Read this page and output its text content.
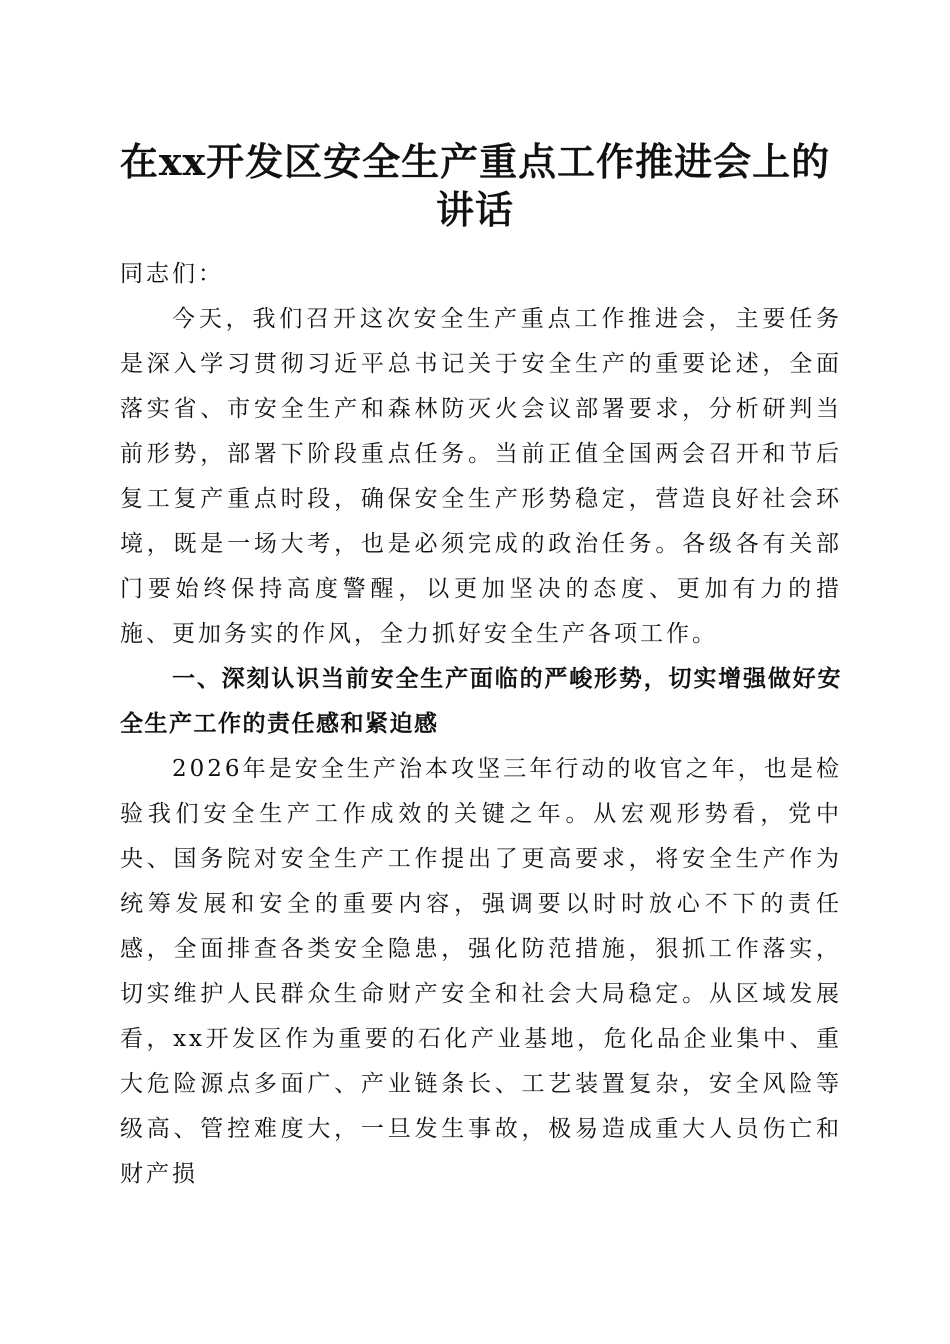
在xx开发区安全生产重点工作推进会上的讲话

同志们：

今天，我们召开这次安全生产重点工作推进会，主要任务是深入学习贯彻习近平总书记关于安全生产的重要论述，全面落实省、市安全生产和森林防灭火会议部署要求，分析研判当前形势，部署下阶段重点任务。当前正值全国两会召开和节后复工复产重点时段，确保安全生产形势稳定，营造良好社会环境，既是一场大考，也是必须完成的政治任务。各级各有关部门要始终保持高度警醒，以更加坚决的态度、更加有力的措施、更加务实的作风，全力抓好安全生产各项工作。

一、深刻认识当前安全生产面临的严峻形势，切实增强做好安全生产工作的责任感和紧迫感

2026年是安全生产治本攻坚三年行动的收官之年，也是检验我们安全生产工作成效的关键之年。从宏观形势看，党中央、国务院对安全生产工作提出了更高要求，将安全生产作为统筹发展和安全的重要内容，强调要以时时放心不下的责任感，全面排查各类安全隐患，强化防范措施，狠抓工作落实，切实维护人民群众生命财产安全和社会大局稳定。从区域发展看，xx开发区作为重要的石化产业基地，危化品企业集中、重大危险源点多面广、产业链条长、工艺装置复杂，安全风险等级高、管控难度大，一旦发生事故，极易造成重大人员伤亡和财产损
